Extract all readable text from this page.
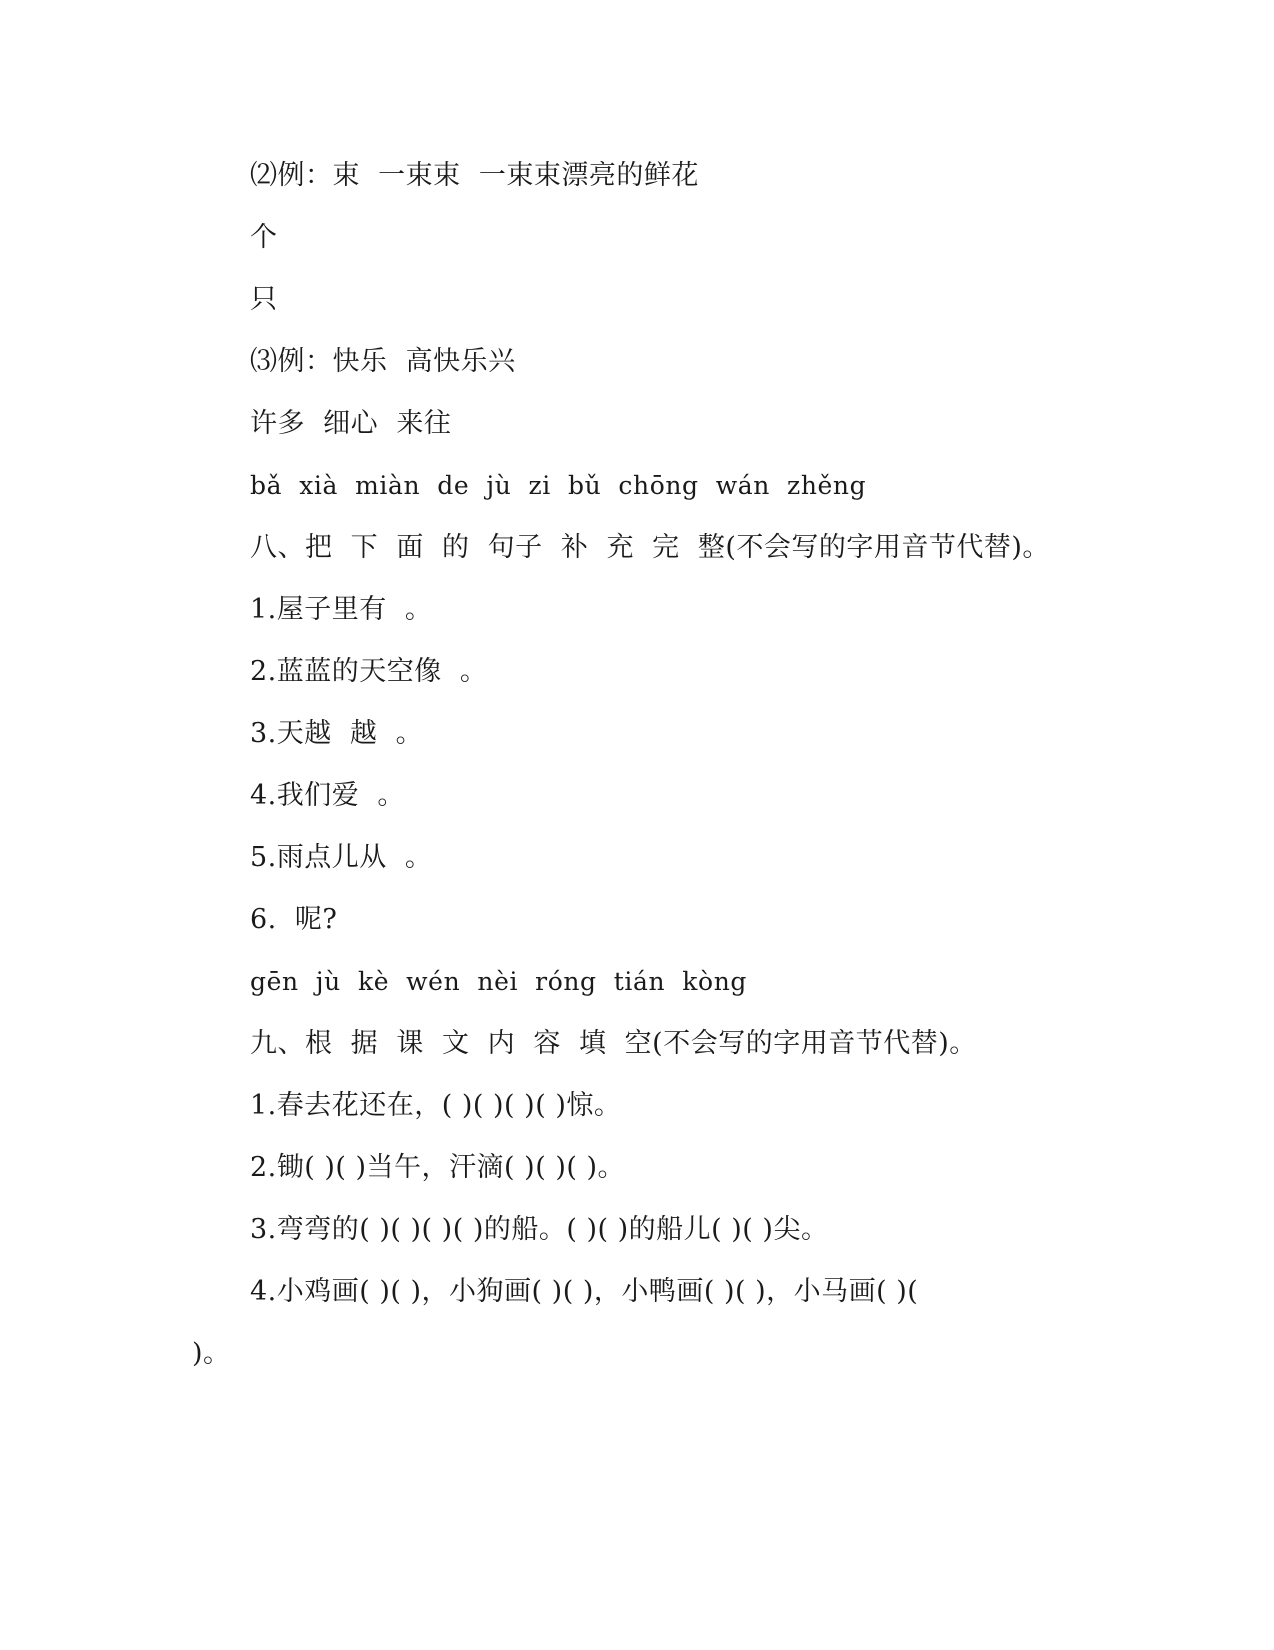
⑵例：束  一束束  一束束漂亮的鲜花
个
只
⑶例：快乐  高快乐兴
许多  细心  来往
bǎ  xià  miàn  de  jù  zi  bǔ  chōng  wán  zhěng
八、把  下  面  的  句子  补  充  完  整(不会写的字用音节代替)。
1.屋子里有  。
2.蓝蓝的天空像  。
3.天越  越  。
4.我们爱  。
5.雨点儿从  。
6.  呢?
gēn  jù  kè  wén  nèi  róng  tián  kòng
九、根  据  课  文  内  容  填  空(不会写的字用音节代替)。
1.春去花还在，( )( )( )( )惊。
2.锄( )( )当午，汗滴( )( )( )。
3.弯弯的( )( )( )( )的船。( )( )的船儿( )( )尖。
4.小鸡画( )( )，小狗画( )( )，小鸭画( )( )，小马画( )(
)。
